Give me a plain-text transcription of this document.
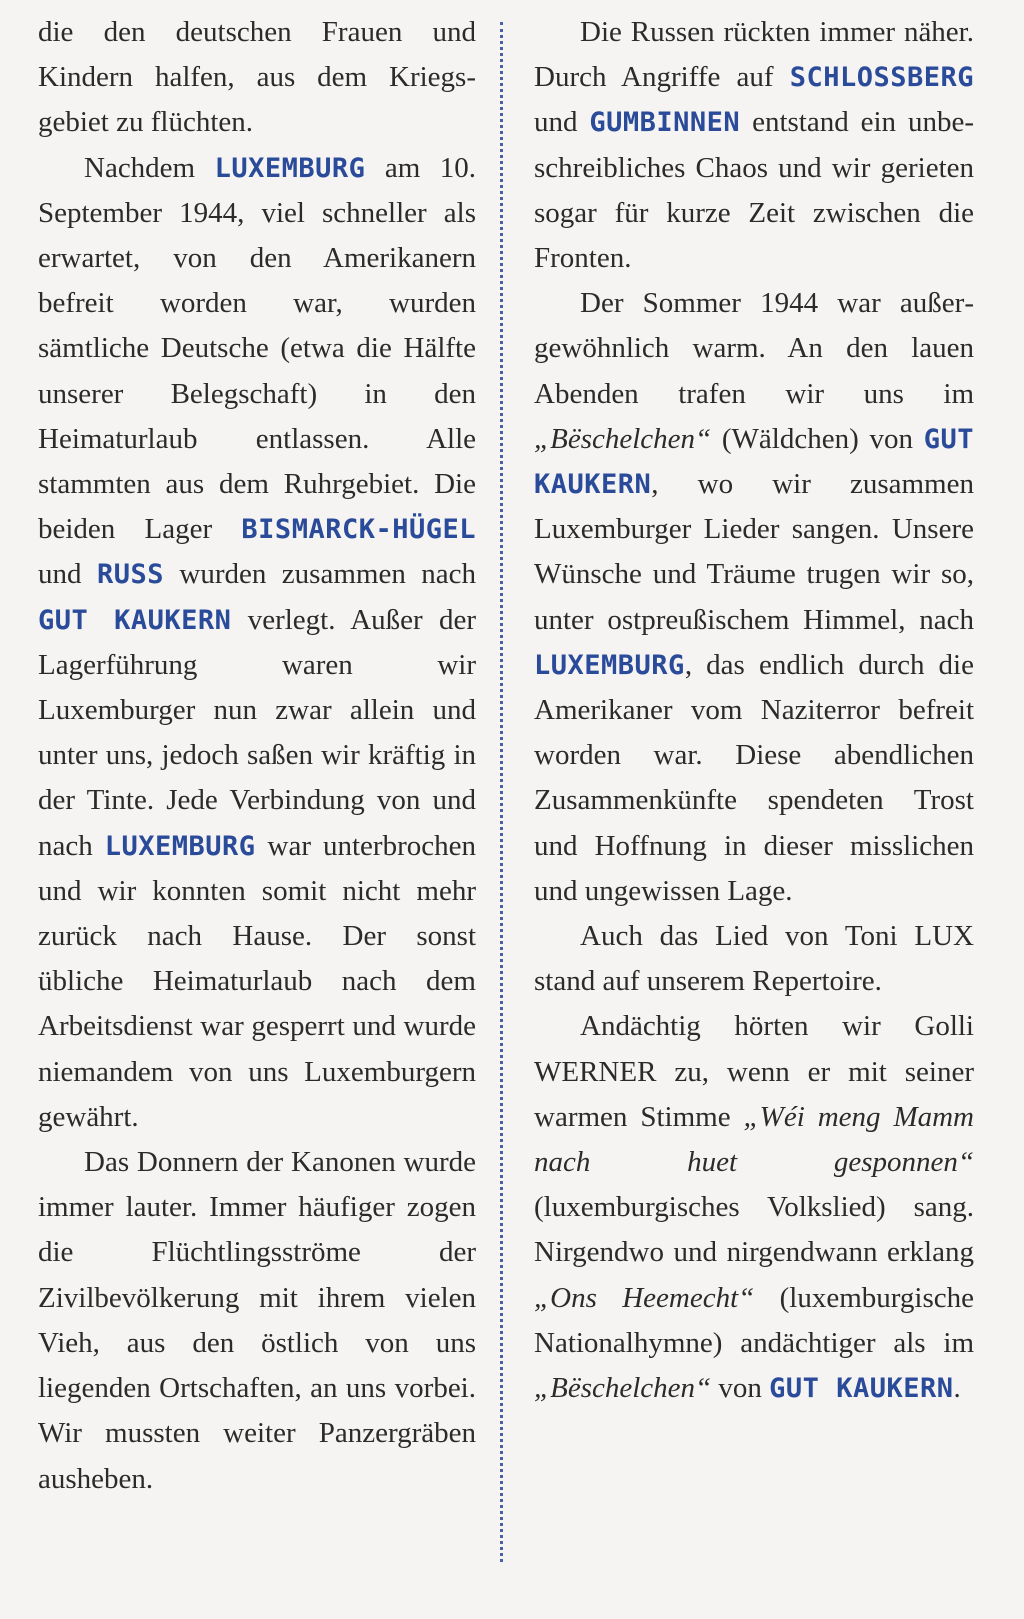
die den deutschen Frauen und Kindern halfen, aus dem Kriegsgebiet zu flüchten.

Nachdem LUXEMBURG am 10. September 1944, viel schneller als erwartet, von den Amerikanern befreit worden war, wurden sämtliche Deutsche (etwa die Hälfte unserer Belegschaft) in den Heimaturlaub entlassen. Alle stammten aus dem Ruhrgebiet. Die beiden Lager BISMARCK-HÜGEL und RUSS wurden zusammen nach GUT KAUKERN verlegt. Außer der Lagerführung waren wir Luxemburger nun zwar allein und unter uns, jedoch saßen wir kräftig in der Tinte. Jede Verbindung von und nach LUXEMBURG war unterbrochen und wir konnten somit nicht mehr zurück nach Hause. Der sonst übliche Heimaturlaub nach dem Arbeitsdienst war gesperrt und wurde niemandem von uns Luxemburgern gewährt.

Das Donnern der Kanonen wurde immer lauter. Immer häufiger zogen die Flüchtlingsströme der Zivilbevölkerung mit ihrem vielen Vieh, aus den östlich von uns liegenden Ortschaften, an uns vorbei. Wir mussten weiter Panzergräben ausheben.

Die Russen rückten immer näher. Durch Angriffe auf SCHLOSSBERG und GUMBINNEN entstand ein unbeschreibliches Chaos und wir gerieten sogar für kurze Zeit zwischen die Fronten.

Der Sommer 1944 war außergewöhnlich warm. An den lauen Abenden trafen wir uns im „Bëschelchen“ (Wäldchen) von GUT KAUKERN, wo wir zusammen Luxemburger Lieder sangen. Unsere Wünsche und Träume trugen wir so, unter ostpreußischem Himmel, nach LUXEMBURG, das endlich durch die Amerikaner vom Naziterror befreit worden war. Diese abendlichen Zusammenkünfte spendeten Trost und Hoffnung in dieser misslichen und ungewissen Lage.

Auch das Lied von Toni LUX stand auf unserem Repertoire.

Andächtig hörten wir Golli WERNER zu, wenn er mit seiner warmen Stimme „Wéi meng Mamm nach huet gesponnen“ (luxemburgisches Volkslied) sang. Nirgendwo und nirgendwann erklang „Ons Heemecht“ (luxemburgische Nationalhymne) andächtiger als im „Bëschelchen“ von GUT KAUKERN.
